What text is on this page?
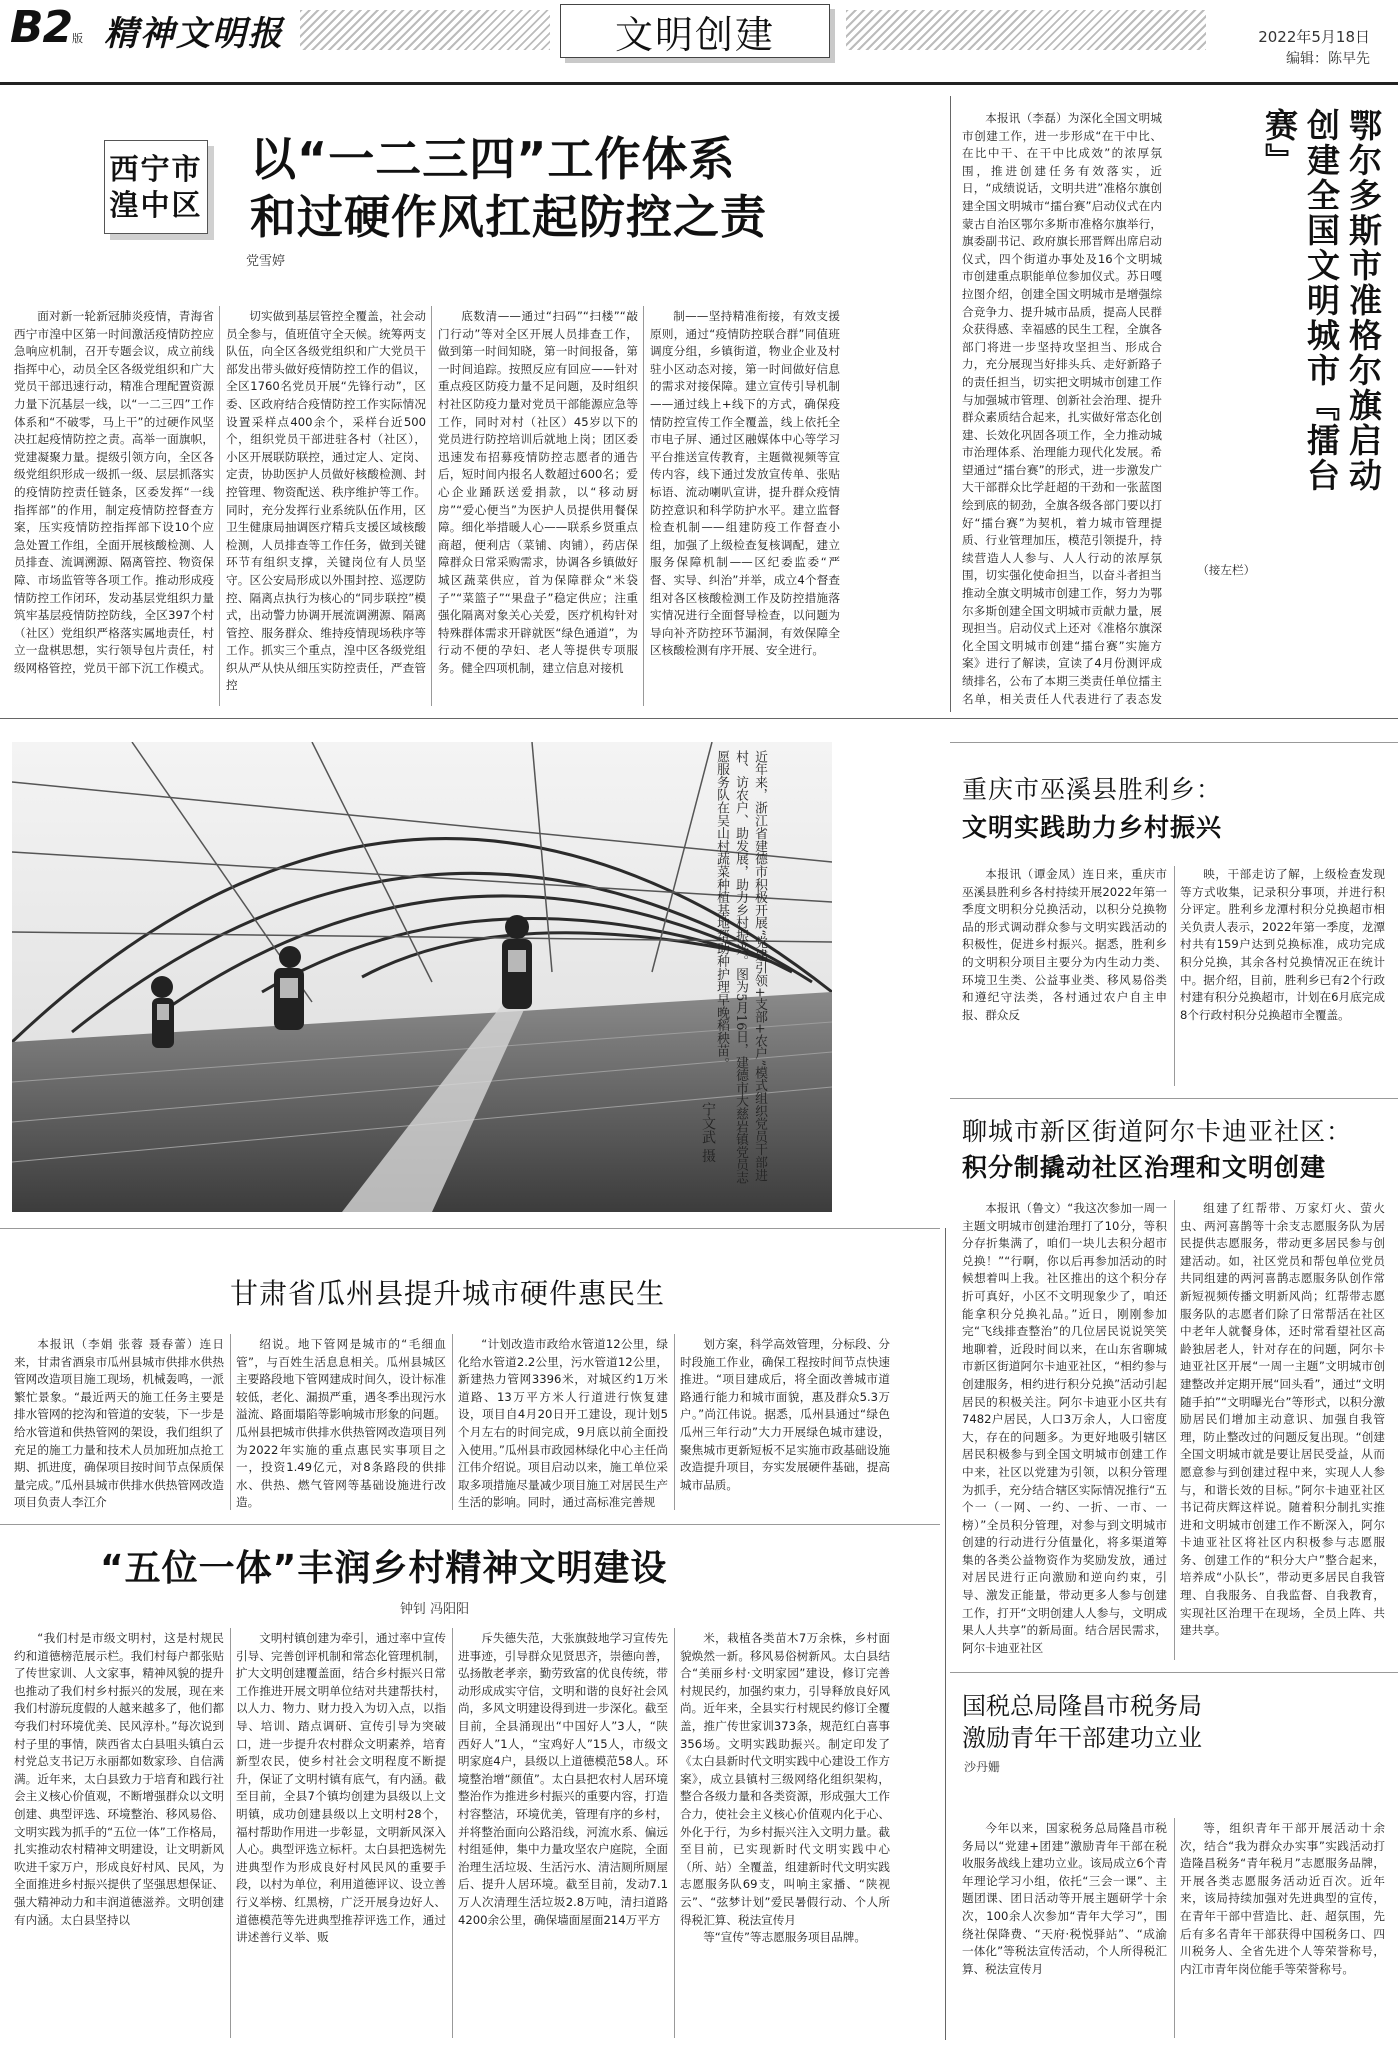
B2 版 精神文明报	文明创建	2022年5月18日
编辑：陈早先
西宁市
湟中区
以“一二三四”工作体系
和过硬作风扛起防控之责
党雪婷

面对新一轮新冠肺炎疫情，青海省西宁市湟中区第一时间激活疫情防控应急响应机制，召开专题会议，成立前线指挥中心，动员全区各级党组织和广大党员干部迅速行动，精准合理配置资源力量下沉基层一线，以“一二三四”工作体系和“不破零，马上干”的过硬作风坚决扛起疫情防控之责。高举一面旗帜，党建凝聚力量。提级引领方向，全区各级党组织形成一级抓一级、层层抓落实的疫情防控责任链条，区委发挥“一线指挥部”的作用，制定疫情防控督查方案，压实疫情防控指挥部下设10个应急处置工作组，全面开展核酸检测、人员排查、流调溯源、隔离管控、物资保障、市场监管等各项工作。推动形成疫情防控工作闭环，发动基层党组织力量筑牢基层疫情防控防线，全区397个村（社区）党组织严格落实属地责任，村立一盘棋思想，实行领导包片责任，村级网格管控，党员干部下沉工作模式。

切实做到基层管控全覆盖，社会动员全参与，值班值守全天候。统筹两支队伍，向全区各级党组织和广大党员干部发出带头做好疫情防控工作的倡议，全区1760名党员开展“先锋行动”，区委、区政府结合疫情防控工作实际情况设置采样点400余个，采样台近500个，组织党员干部进驻各村（社区），小区开展联防联控，通过定人、定岗、定责，协助医护人员做好核酸检测、封控管理、物资配送、秩序维护等工作。同时，充分发挥行业系统队伍作用，区卫生健康局抽调医疗精兵支援区域核酸检测，人员排查等工作任务，做到关键环节有组织支撑，关键岗位有人员坚守。区公安局形成以外围封控、巡逻防控、隔离点执行为核心的“同步联控”模式，出动警力协调开展流调溯源、隔离管控、服务群众、维持疫情现场秩序等工作。抓实三个重点，湟中区各级党组织从严从快从细压实防控责任，严查管控

底数清——通过“扫码”“扫楼”“敲门行动”等对全区开展人员排查工作，做到第一时间知晓，第一时间报备，第一时间追踪。按照反应有回应——针对重点疫区防疫力量不足问题，及时组织村社区防疫力量对党员干部能源应急等工作，同时对村（社区）45岁以下的党员进行防控培训后就地上岗；团区委迅速发布招募疫情防控志愿者的通告后，短时间内报名人数超过600名；爱心企业踊跃送爱捐款，以“移动厨房”“爱心便当”为医护人员提供用餐保障。细化举措暖人心——联系乡贤重点商超，便利店（菜铺、肉铺），药店保障群众日常采购需求，协调各乡镇做好城区蔬菜供应，首为保障群众“米袋子”“菜篮子”“果盘子”稳定供应；注重强化隔离对象关心关爱，医疗机构针对特殊群体需求开辟就医“绿色通道”，为行动不便的孕妇、老人等提供专项服务。健全四项机制，建立信息对接机

制——坚持精准衔接，有效支援原则，通过“疫情防控联合群”同值班调度分组，乡镇街道，物业企业及村驻小区动态对接，第一时间做好信息的需求对接保障。建立宣传引导机制——通过线上+线下的方式，确保疫情防控宣传工作全覆盖，线上依托全市电子屏、通过区融媒体中心等学习平台推送宣传教育，主题微视频等宣传内容，线下通过发放宣传单、张贴标语、流动喇叭宣讲，提升群众疫情防控意识和科学防护水平。建立监督检查机制——组建防疫工作督查小组，加强了上级检查复核调配，建立服务保障机制——区纪委监委“严督、实导、纠治”并举，成立4个督查组对各区核酸检测工作及防控措施落实情况进行全面督导检查，以问题为导向补齐防控环节漏洞，有效保障全区核酸检测有序开展、安全进行。

鄂尔多斯市准格尔旗启动
创建全国文明城市『擂台赛』

本报讯（李磊）为深化全国文明城市创建工作，进一步形成“在干中比、在比中干、在干中比成效”的浓厚氛围，推进创建任务有效落实，近日，“成绩说话，文明共进”准格尔旗创建全国文明城市“擂台赛”启动仪式在内蒙古自治区鄂尔多斯市准格尔旗举行，旗委副书记、政府旗长邢晋辉出席启动仪式，四个街道办事处及16个文明城市创建重点职能单位参加仪式。苏日嘎拉图介绍，创建全国文明城市是增强综合竞争力、提升城市品质，提高人民群众获得感、幸福感的民生工程，全旗各部门将进一步坚持攻坚担当、形成合力，充分展现当好排头兵、走好新路子的责任担当，切实把文明城市创建工作与加强城市管理、创新社会治理、提升群众素质结合起来，扎实做好常态化创建、长效化巩固各项工作，全力推动城市治理体系、治理能力现代化发展。希望通过“擂台赛”的形式，进一步激发广大干部群众比学赶超的干劲和一张蓝图绘到底的韧劲，全旗各级各部门要以打好“擂台赛”为契机，着力城市管理提质、行业管理加压，模范引领提升，持续营造人人参与、人人行动的浓厚氛围，切实强化使命担当，以奋斗者担当推动全旗文明城市创建工作，努力为鄂尔多斯创建全国文明城市贡献力量，展现担当。启动仪式上还对《准格尔旗深化全国文明城市创建“擂台赛”实施方案》进行了解读，宣读了4月份测评成绩排名，公布了本期三类责任单位擂主名单，相关责任人代表进行了表态发

（接左栏）

近年来，浙江省建德市积极开展“党建引领+支部+农户”模式组织党员干部进村、访农户、助发展，助力乡村振兴。图为5月16日，建德市大慈岩镇党员志愿服务队在吴山村蔬菜种植基地帮助种护理早晚稻秧苗。
宁文武 摄
重庆市巫溪县胜利乡：
文明实践助力乡村振兴

本报讯（谭金凤）连日来，重庆市巫溪县胜利乡各村持续开展2022年第一季度文明积分兑换活动，以积分兑换物品的形式调动群众参与文明实践活动的积极性，促进乡村振兴。据悉，胜利乡的文明积分项目主要分为内生动力类、环境卫生类、公益事业类、移风易俗类和遵纪守法类，各村通过农户自主申报、群众反

映，干部走访了解，上级检查发现等方式收集，记录积分事项，并进行积分评定。胜利乡龙潭村积分兑换超市相关负责人表示，2022年第一季度，龙潭村共有159户达到兑换标准，成功完成积分兑换，其余各村兑换情况正在统计中。据介绍，目前，胜利乡已有2个行政村建有积分兑换超市，计划在6月底完成8个行政村积分兑换超市全覆盖。

聊城市新区街道阿尔卡迪亚社区：
积分制撬动社区治理和文明创建

本报讯（鲁文）“我这次参加一周一主题文明城市创建治理打了10分，等积分存折集满了，咱们一块儿去积分超市兑换！”“行啊，你以后再参加活动的时候想着叫上我。社区推出的这个积分存折可真好，小区不文明现象少了，咱还能拿积分兑换礼品。”近日，刚刚参加完“飞线排查整治”的几位居民说说笑笑地聊着，近段时间以来，在山东省聊城市新区街道阿尔卡迪亚社区，“相约参与创建服务，相约进行积分兑换”活动引起居民的积极关注。阿尔卡迪亚小区共有7482户居民，人口3万余人，人口密度大，存在的问题多。为更好地吸引辖区居民积极参与到全国文明城市创建工作中来，社区以党建为引领，以积分管理为抓手，充分结合辖区实际情况推行“五个一（一网、一约、一折、一市、一榜）”全员积分管理，对参与到文明城市创建的行动进行分值量化，将多渠道筹集的各类公益物资作为奖励发放，通过对居民进行正向激励和逆向约束，引导、激发正能量，带动更多人参与创建工作，打开“文明创建人人参与，文明成果人人共享”的新局面。结合居民需求，阿尔卡迪亚社区

组建了红帮带、万家灯火、萤火虫、两河喜鹊等十余支志愿服务队为居民提供志愿服务，带动更多居民参与创建活动。如，社区党员和帮包单位党员共同组建的两河喜鹊志愿服务队创作常新短视频传播文明新风尚；红帮带志愿服务队的志愿者们除了日常帮活在社区中老年人就餐身体，还时常看望社区高龄独居老人，针对存在的问题，阿尔卡迪亚社区开展“一周一主题”文明城市创建整改并定期开展“回头看”，通过“文明随手拍”“文明曝光台”等形式，以积分激励居民们增加主动意识、加强自我管理，防止整改过的问题反复出现。“创建全国文明城市就是要让居民受益，从而愿意参与到创建过程中来，实现人人参与，和谐长效的目标。”阿尔卡迪亚社区书记荷庆辉这样说。随着积分制扎实推进和文明城市创建工作不断深入，阿尔卡迪亚社区将社区内积极参与志愿服务、创建工作的“积分大户”整合起来，培养成“小队长”，带动更多居民自我管理、自我服务、自我监督、自我教育，实现社区治理干在现场，全员上阵、共建共享。

甘肃省瓜州县提升城市硬件惠民生

本报讯（李娟 张蓉 聂春蕾）连日来，甘肃省酒泉市瓜州县城市供排水供热管网改造项目施工现场，机械轰鸣，一派繁忙景象。“最近两天的施工任务主要是排水管网的挖沟和管道的安装，下一步是给水管道和供热管网的架设，我们组织了充足的施工力量和技术人员加班加点抢工期、抓进度，确保项目按时间节点保质保量完成。”瓜州县城市供排水供热管网改造项目负责人李江介

绍说。地下管网是城市的“毛细血管”，与百姓生活息息相关。瓜州县城区主要路段地下管网建成时间久，设计标准较低，老化、漏损严重，遇冬季出现污水溢流、路面塌陷等影响城市形象的问题。瓜州县把城市供排水供热管网改造项目列为2022年实施的重点惠民实事项目之一，投资1.49亿元，对8条路段的供排水、供热、燃气管网等基础设施进行改造。

“计划改造市政给水管道12公里，绿化给水管道2.2公里，污水管道12公里，新建热力管网3396米，对城区约1万米道路、13万平方米人行道进行恢复建设，项目自4月20日开工建设，现计划5个月左右的时间完成，9月底以前全面投入使用。”瓜州县市政园林绿化中心主任尚江伟介绍说。项目启动以来，施工单位采取多项措施尽量减少项目施工对居民生产生活的影响。同时，通过高标准完善规

划方案，科学高效管理，分标段、分时段施工作业，确保工程按时间节点快速推进。“项目建成后，将全面改善城市道路通行能力和城市面貌，惠及群众5.3万户。”尚江伟说。据悉，瓜州县通过“绿色瓜州三年行动”大力开展绿色城市建设，聚焦城市更新短板不足实施市政基础设施改造提升项目，夯实发展硬件基础，提高城市品质。

“五位一体”丰润乡村精神文明建设
钟钊 冯阳阳

“我们村是市级文明村，这是村规民约和道德榜范展示栏。我们村每户都张贴了传世家训、人文家事，精神风貌的提升也推动了我们村乡村振兴的发展，现在来我们村游玩度假的人越来越多了，他们都夸我们村环境优美、民风淳朴。”每次说到村子里的事情，陕西省太白县咀头镇白云村党总支书记万永丽都如数家珍、自信满满。近年来，太白县致力于培育和践行社会主义核心价值观，不断增强群众以文明创建、典型评选、环境整治、移风易俗、文明实践为抓手的“五位一体”工作格局，扎实推动农村精神文明建设，让文明新风吹进千家万户，形成良好村风、民风，为全面推进乡村振兴提供了坚强思想保证、强大精神动力和丰润道德滋养。文明创建有内涵。太白县坚持以

文明村镇创建为牵引，通过率中宣传引导、完善创评机制和常态化管理机制，扩大文明创建覆盖面，结合乡村振兴日常工作推进开展文明单位结对共建帮扶村，以人力、物力、财力投入为切入点，以指导、培训、踏点调研、宣传引导为突破口，进一步提升农村群众文明素养，培育新型农民，使乡村社会文明程度不断提升，保证了文明村镇有底气，有内涵。截至目前，全县7个镇均创建为县级以上文明镇，成功创建县级以上文明村28个，福村帮助作用进一步彰显，文明新风深入人心。典型评选立标杆。太白县把选树先进典型作为形成良好村风民风的重要手段，以村为单位，利用道德评议、设立善行义举榜、红黑榜，广泛开展身边好人、道德模范等先进典型推荐评选工作，通过讲述善行义举、贩

斥失德失范，大张旗鼓地学习宣传先进事迹，引导群众见贤思齐，崇德向善，弘扬散老孝亲，勤劳致富的优良传统，带动形成成实守信，文明和谐的良好社会风尚，多风文明建设得到进一步深化。截至目前，全县涌现出“中国好人”3人，“陕西好人”1人，“宝鸡好人”15人，市级文明家庭4户，县级以上道德模范58人。环境整治增“颜值”。太白县把农村人居环境整治作为推进乡村振兴的重要内容，打造村容整洁，环境优美，管理有序的乡村，并将整治面向公路沿线，河流水系、偏远村组延伸，集中力量攻坚农户庭院，全面治理生活垃圾、生活污水、清洁厕所厕屋后、提升人居环境。截至目前，发动7.1万人次清理生活垃圾2.8万吨，清扫道路4200余公里，确保墙面屋面214万平方

米，栽植各类苗木7万余株，乡村面貌焕然一新。移风易俗树新风。太白县结合“美丽乡村·文明家园”建设，修订完善村规民约，加强约束力，引导释放良好风尚。近年来，全县实行村规民约修订全覆盖，推广传世家训373条，规范红白喜事356场。文明实践助振兴。制定印发了《太白县新时代文明实践中心建设工作方案》，成立县镇村三级网络化组织架构，整合各级力量和各类资源，形成强大工作合力，使社会主义核心价值观内化于心、外化于行，为乡村振兴注入文明力量。截至目前，已实现新时代文明实践中心（所、站）全覆盖，组建新时代文明实践志愿服务队69支，叫响主家播、“陕视云”、“弦梦计划”爱民暑假行动、个人所得税汇算、税法宣传月

等“宣传”等志愿服务项目品牌。

国税总局隆昌市税务局
激励青年干部建功立业
沙丹姗

今年以来，国家税务总局隆昌市税务局以“党建+团建”激励青年干部在税收服务战线上建功立业。该局成立6个青年理论学习小组，依托“三会一课”、主题团课、团日活动等开展主题研学十余次，100余人次参加“青年大学习”，围绕社保降费、“天府·税悦驿站”、“成渝一体化”等税法宣传活动，个人所得税汇算、税法宣传月

等，组织青年干部开展活动十余次，结合“我为群众办实事”实践活动打造隆昌税务“青年税月”志愿服务品牌，开展各类志愿服务活动近百次。近年来，该局持续加强对先进典型的宣传，在青年干部中营造比、赶、超氛围，先后有多名青年干部获得中国税务口、四川税务人、全省先进个人等荣誉称号，内江市青年岗位能手等荣誉称号。
